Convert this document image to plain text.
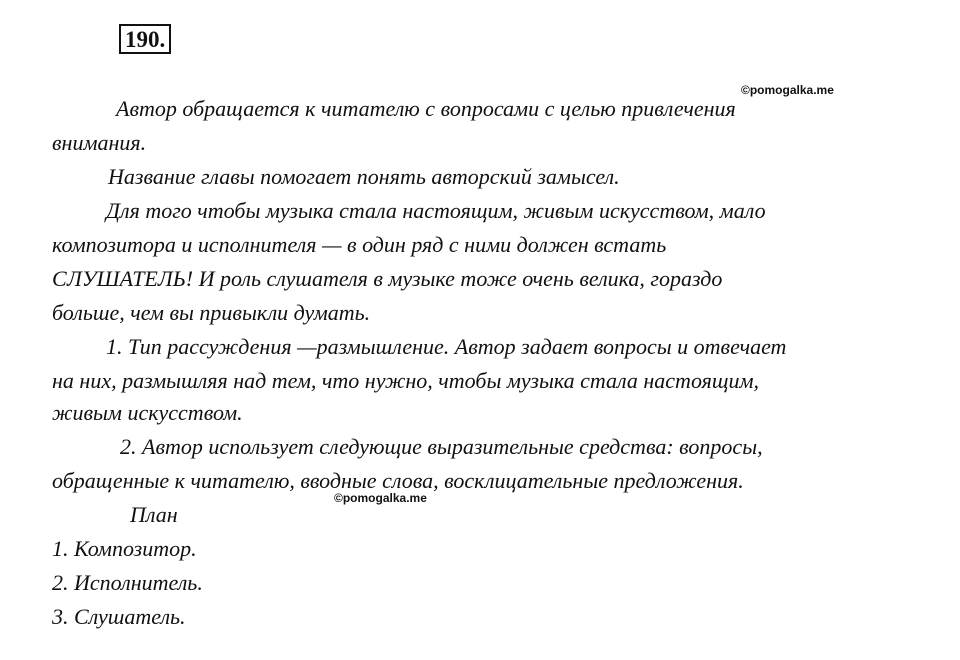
190.
©pomogalka.me
©pomogalka.me
Автор обращается к читателю с вопросами с целью привлечения
внимания.
Название главы помогает понять авторский замысел.
Для того чтобы музыка стала настоящим, живым искусством, мало
композитора и исполнителя — в один ряд с ними должен встать
СЛУШАТЕЛЬ! И роль слушателя в музыке тоже очень велика, гораздо
больше, чем вы привыкли думать.
1. Тип рассуждения —размышление. Автор задает вопросы и отвечает
на них, размышляя над тем, что нужно, чтобы музыка стала настоящим,
живым искусством.
2. Автор использует следующие выразительные средства: вопросы,
обращенные к читателю, вводные слова, восклицательные предложения.
План
1. Композитор.
2. Исполнитель.
3. Слушатель.
